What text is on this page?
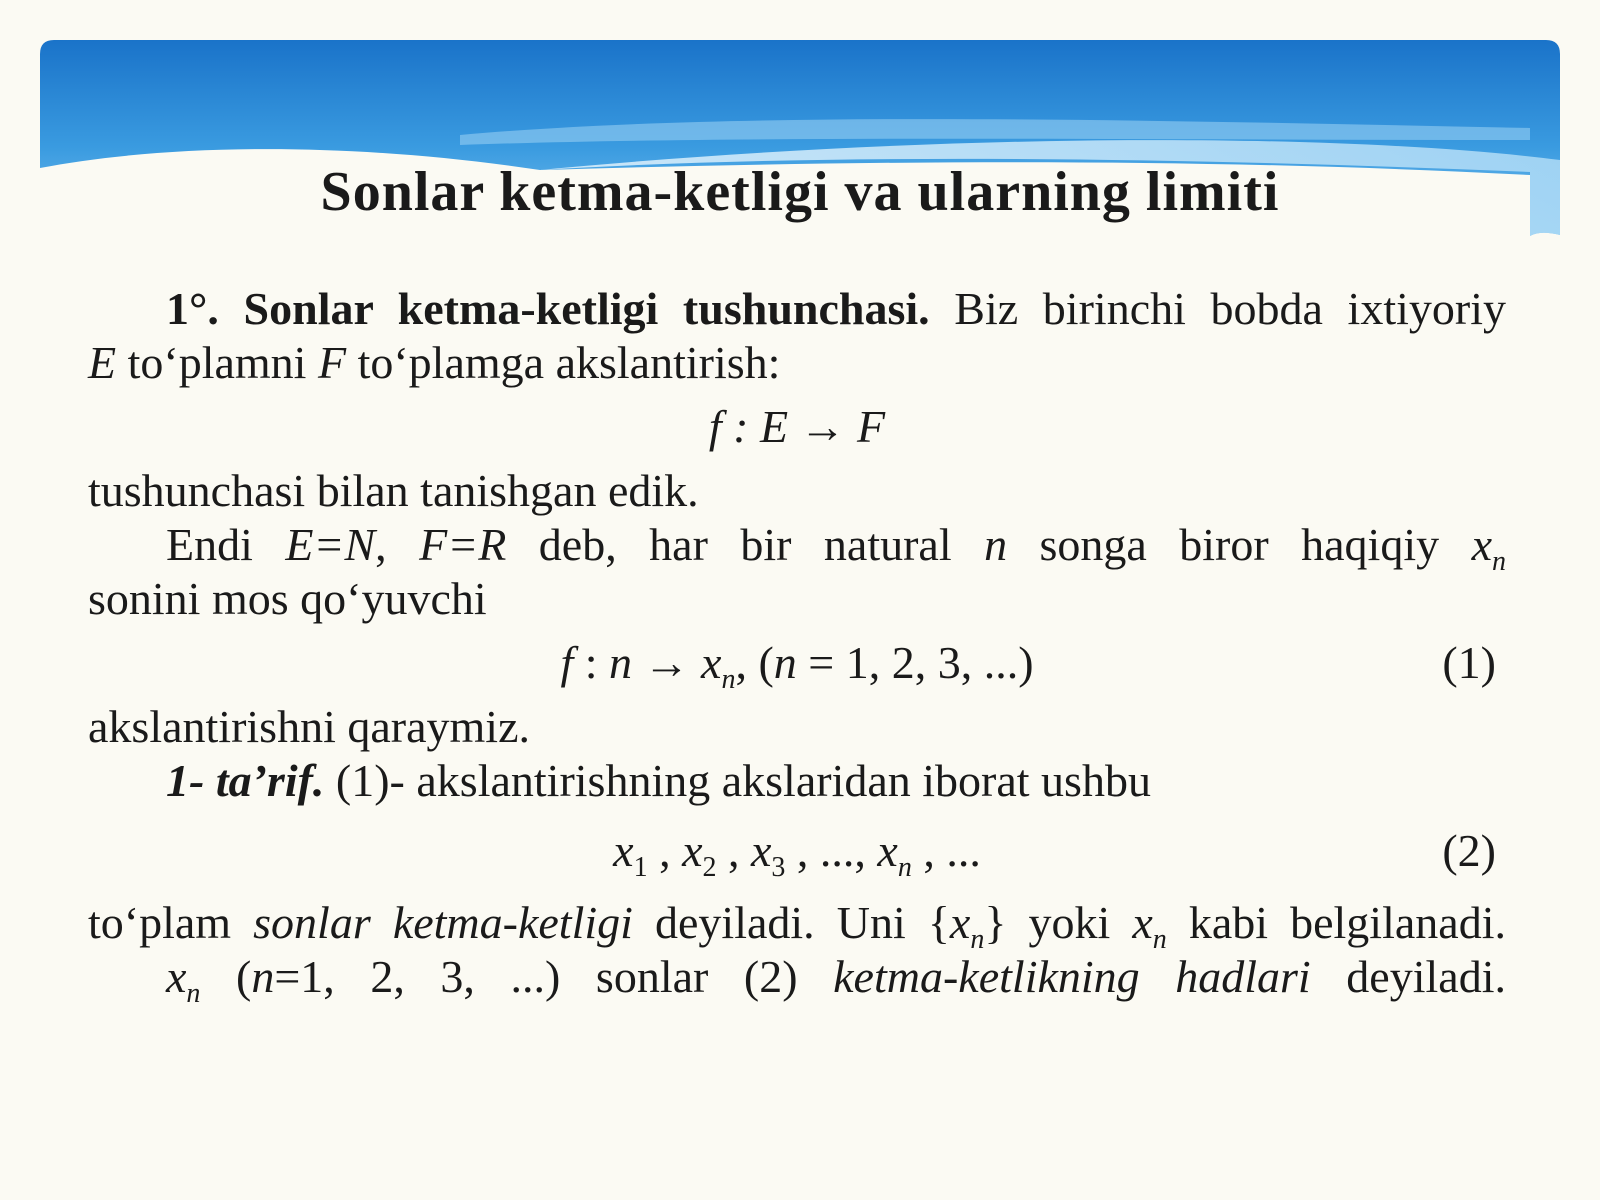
Sonlar ketma-ketligi va ularning limiti

1°. Sonlar ketma-ketligi tushunchasi. Biz birinchi bobda ixtiyoriy

E to‘plamni F to‘plamga akslantirish:

f : E → F

tushunchasi bilan tanishgan edik.

Endi E=N, F=R deb, har bir natural n songa biror haqiqiy $x_n$

sonini mos qo‘yuvchi

f : $n \to x_n$, (n = 1, 2, 3, ...)	(1)

akslantirishni qaraymiz.

1- ta’rif. (1)- akslantirishning akslaridan iborat ushbu

$x_1$ , $x_2$ , $x_3$ , ..., $x_n$ , ...	(2)

to‘plam sonlar ketma-ketligi deyiladi. Uni $\{x_n\}$ yoki $x_n$ kabi belgilanadi.

$x_n$ (n=1, 2, 3, ...) sonlar (2) ketma-ketlikning hadlari deyiladi.
